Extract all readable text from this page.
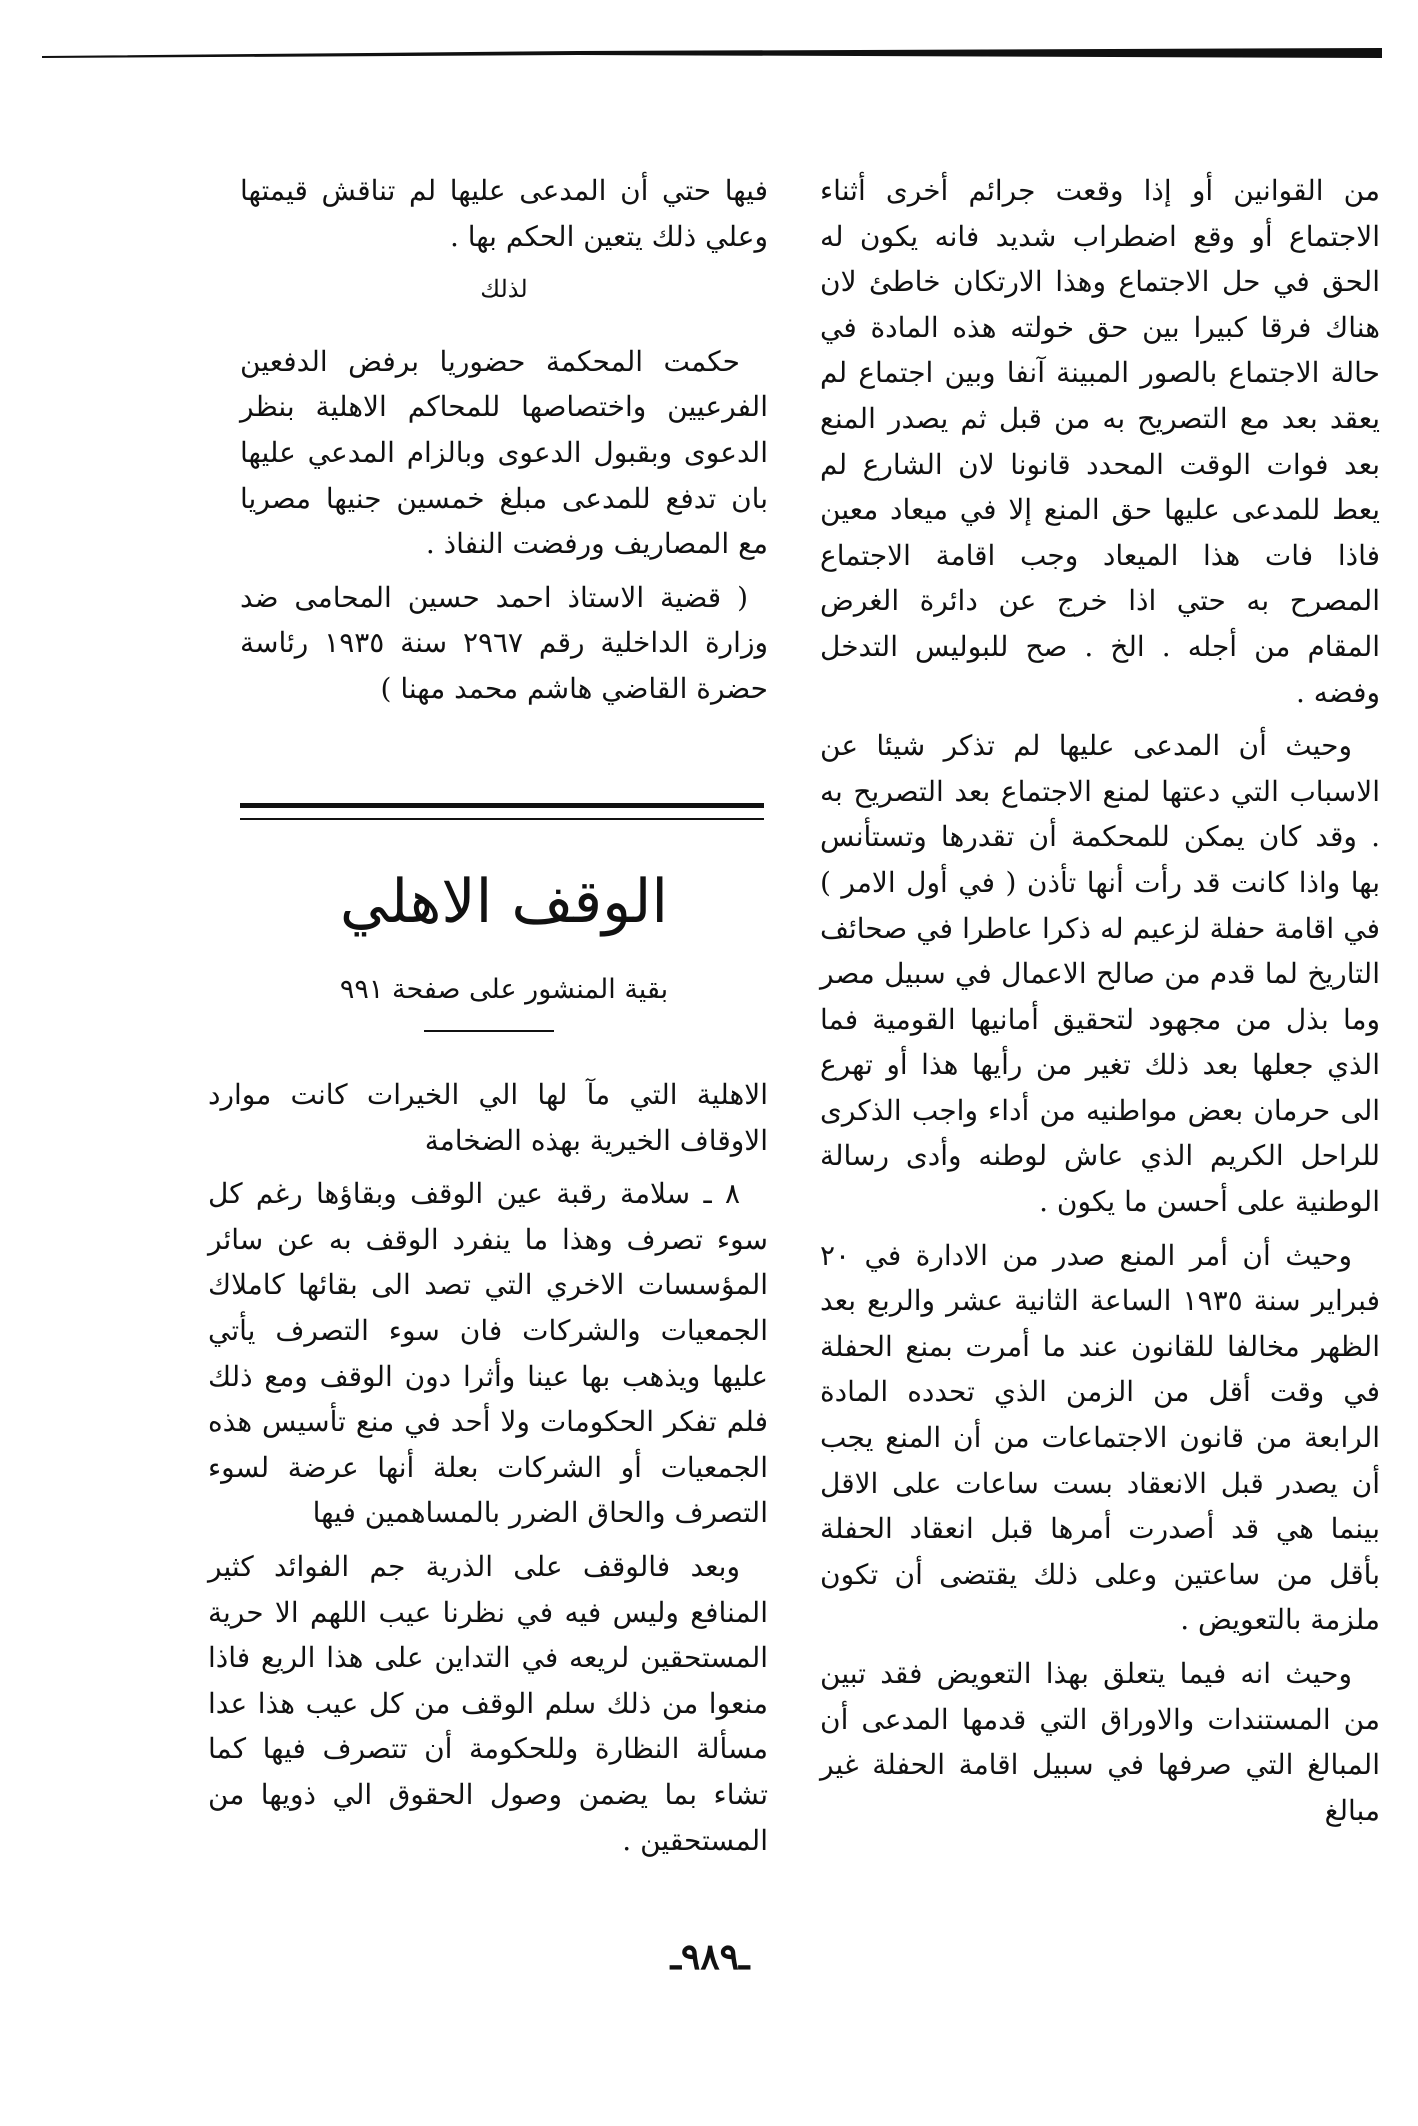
من القوانين أو إذا وقعت جرائم أخرى أثناء الاجتماع أو وقع اضطراب شديد فانه يكون له الحق في حل الاجتماع وهذا الارتكان خاطئ لان هناك فرقا كبيرا بين حق خولته هذه المادة في حالة الاجتماع بالصور المبينة آنفا وبين اجتماع لم يعقد بعد مع التصريح به من قبل ثم يصدر المنع بعد فوات الوقت المحدد قانونا لان الشارع لم يعط للمدعى عليها حق المنع إلا في ميعاد معين فاذا فات هذا الميعاد وجب اقامة الاجتماع المصرح به حتي اذا خرج عن دائرة الغرض المقام من أجله . الخ . صح للبوليس التدخل وفضه .

وحيث أن المدعى عليها لم تذكر شيئا عن الاسباب التي دعتها لمنع الاجتماع بعد التصريح به . وقد كان يمكن للمحكمة أن تقدرها وتستأنس بها واذا كانت قد رأت أنها تأذن ( في أول الامر ) في اقامة حفلة لزعيم له ذكرا عاطرا في صحائف التاريخ لما قدم من صالح الاعمال في سبيل مصر وما بذل من مجهود لتحقيق أمانيها القومية فما الذي جعلها بعد ذلك تغير من رأيها هذا أو تهرع الى حرمان بعض مواطنيه من أداء واجب الذكرى للراحل الكريم الذي عاش لوطنه وأدى رسالة الوطنية على أحسن ما يكون .

وحيث أن أمر المنع صدر من الادارة في ٢٠ فبراير سنة ١٩٣٥ الساعة الثانية عشر والربع بعد الظهر مخالفا للقانون عند ما أمرت بمنع الحفلة في وقت أقل من الزمن الذي تحدده المادة الرابعة من قانون الاجتماعات من أن المنع يجب أن يصدر قبل الانعقاد بست ساعات على الاقل بينما هي قد أصدرت أمرها قبل انعقاد الحفلة بأقل من ساعتين وعلى ذلك يقتضى أن تكون ملزمة بالتعويض .

وحيث انه فيما يتعلق بهذا التعويض فقد تبين من المستندات والاوراق التي قدمها المدعى أن المبالغ التي صرفها في سبيل اقامة الحفلة غير مبالغ

فيها حتي أن المدعى عليها لم تناقش قيمتها وعلي ذلك يتعين الحكم بها .

لذلك

حكمت المحكمة حضوريا برفض الدفعين الفرعيين واختصاصها للمحاكم الاهلية بنظر الدعوى وبقبول الدعوى وبالزام المدعي عليها بان تدفع للمدعى مبلغ خمسين جنيها مصريا مع المصاريف ورفضت النفاذ .

( قضية الاستاذ احمد حسين المحامى ضد وزارة الداخلية رقم ٢٩٦٧ سنة ١٩٣٥ رئاسة حضرة القاضي هاشم محمد مهنا )

الوقف الاهلي
بقية المنشور على صفحة ٩٩١

الاهلية التي مآ لها الي الخيرات كانت موارد الاوقاف الخيرية بهذه الضخامة

٨ ـ سلامة رقبة عين الوقف وبقاؤها رغم كل سوء تصرف وهذا ما ينفرد الوقف به عن سائر المؤسسات الاخري التي تصد الى بقائها كاملاك الجمعيات والشركات فان سوء التصرف يأتي عليها ويذهب بها عينا وأثرا دون الوقف ومع ذلك فلم تفكر الحكومات ولا أحد في منع تأسيس هذه الجمعيات أو الشركات بعلة أنها عرضة لسوء التصرف والحاق الضرر بالمساهمين فيها

وبعد فالوقف على الذرية جم الفوائد كثير المنافع وليس فيه في نظرنا عيب اللهم الا حرية المستحقين لريعه في التداين على هذا الريع فاذا منعوا من ذلك سلم الوقف من كل عيب هذا عدا مسألة النظارة وللحكومة أن تتصرف فيها كما تشاء بما يضمن وصول الحقوق الي ذويها من المستحقين .

ـ٩٨٩ـ
